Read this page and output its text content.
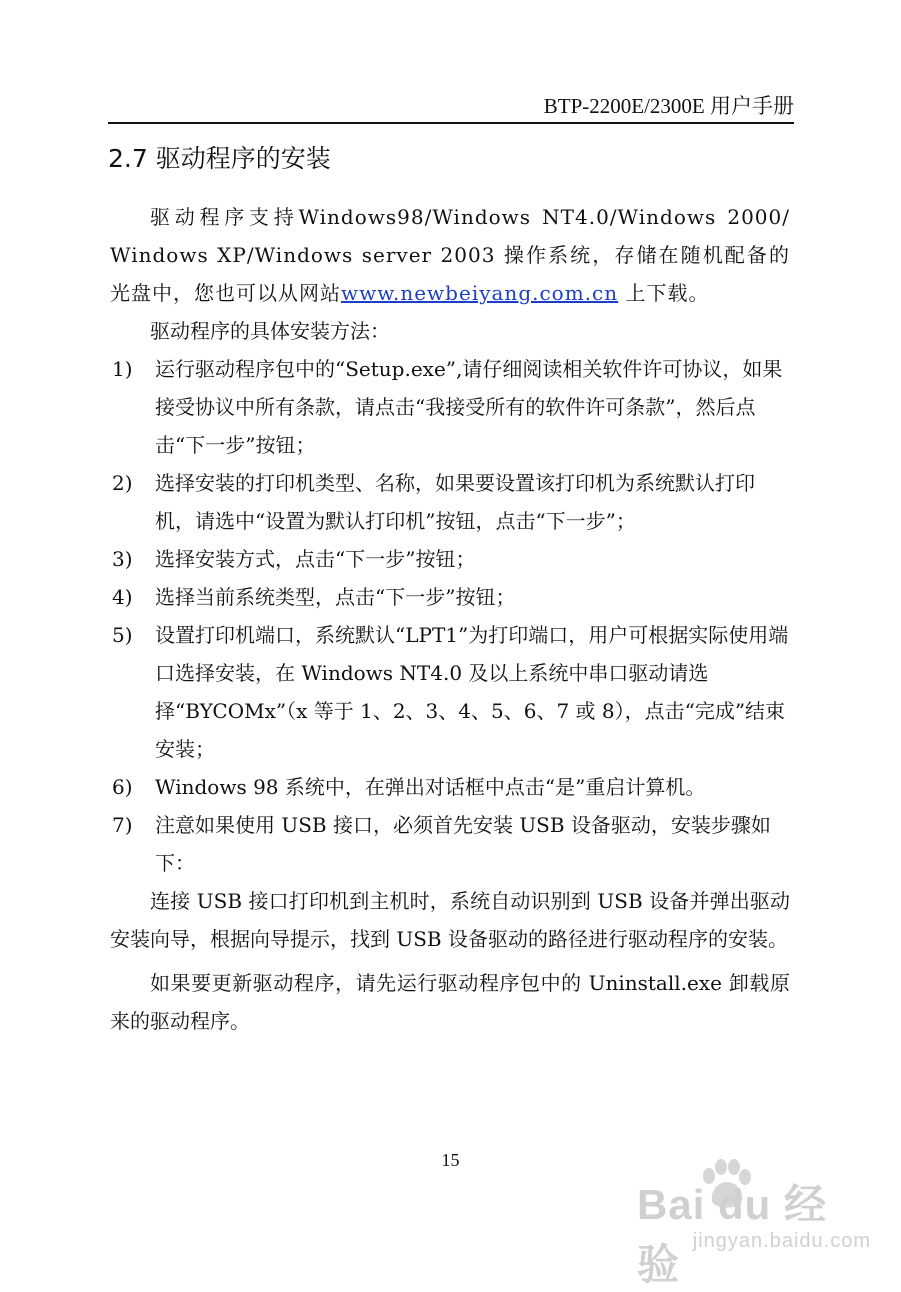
BTP-2200E/2300E 用户手册
2.7 驱动程序的安装

驱动程序支持Windows98/Windows NT4.0/Windows 2000/ Windows XP/Windows server 2003 操作系统，存储在随机配备的光盘中，您也可以从网站www.newbeiyang.com.cn 上下载。

驱动程序的具体安装方法：

1) 运行驱动程序包中的“Setup.exe”,请仔细阅读相关软件许可协议，如果接受协议中所有条款，请点击“我接受所有的软件许可条款”，然后点击“下一步”按钮；
2) 选择安装的打印机类型、名称，如果要设置该打印机为系统默认打印机，请选中“设置为默认打印机”按钮，点击“下一步”；
3) 选择安装方式，点击“下一步”按钮；
4) 选择当前系统类型，点击“下一步”按钮；
5) 设置打印机端口，系统默认“LPT1”为打印端口，用户可根据实际使用端口选择安装，在 Windows NT4.0 及以上系统中串口驱动请选择“BYCOMx”（x 等于 1、2、3、4、5、6、7 或 8），点击“完成”结束安装；
6) Windows 98 系统中，在弹出对话框中点击“是”重启计算机。
7) 注意如果使用 USB 接口，必须首先安装 USB 设备驱动，安装步骤如下：

连接 USB 接口打印机到主机时，系统自动识别到 USB 设备并弹出驱动安装向导，根据向导提示，找到 USB 设备驱动的路径进行驱动程序的安装。

如果要更新驱动程序，请先运行驱动程序包中的 Uninstall.exe 卸载原来的驱动程序。

15
Bai du 经验 jingyan.baidu.com
